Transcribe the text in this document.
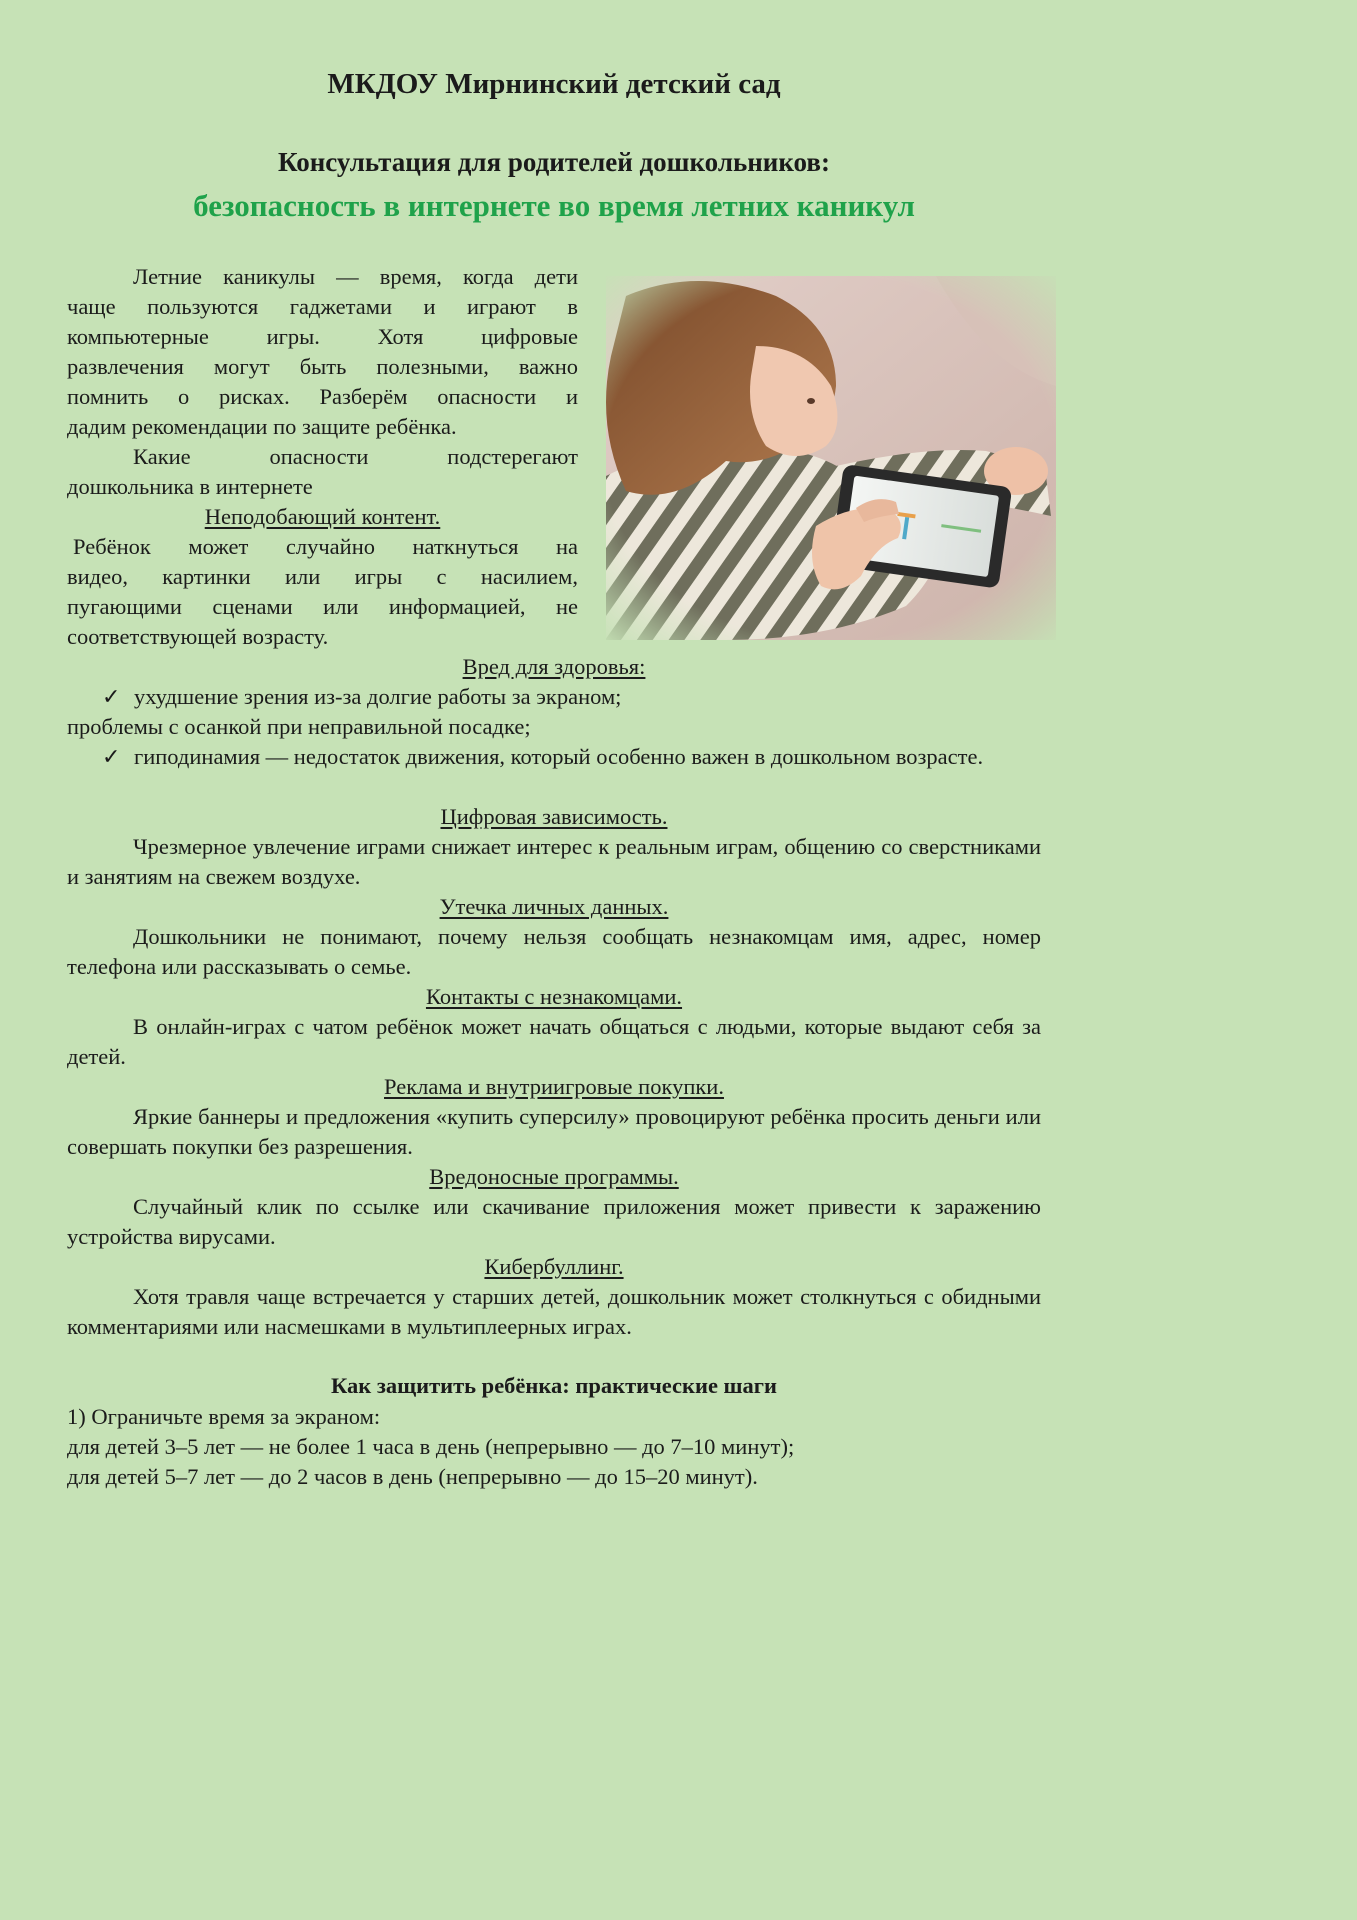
МКДОУ Мирнинский детский сад
Консультация для родителей дошкольников:
безопасность в интернете во время летних каникул
Летние каникулы — время, когда дети
чаще пользуются гаджетами и играют в
компьютерные игры. Хотя цифровые
развлечения могут быть полезными, важно
помнить о рисках. Разберём опасности и
дадим рекомендации по защите ребёнка.
Какие опасности подстерегают
дошкольника в интернете

Неподобающий контент.

Ребёнок может случайно наткнуться на
видео, картинки или игры с насилием,
пугающими сценами или информацией, не
соответствующей возрасту.

Вред для здоровья:

✓ ухудшение зрения из-за долгие работы за экраном;

проблемы с осанкой при неправильной посадке;

✓ гиподинамия — недостаток движения, который особенно важен в дошкольном возрасте.

Цифровая зависимость.

Чрезмерное увлечение играми снижает интерес к реальным играм, общению со сверстниками и занятиям на свежем воздухе.

Утечка личных данных.

Дошкольники не понимают, почему нельзя сообщать незнакомцам имя, адрес, номер телефона или рассказывать о семье.

Контакты с незнакомцами.

В онлайн-играх с чатом ребёнок может начать общаться с людьми, которые выдают себя за детей.

Реклама и внутриигровые покупки.

Яркие баннеры и предложения «купить суперсилу» провоцируют ребёнка просить деньги или совершать покупки без разрешения.

Вредоносные программы.

Случайный клик по ссылке или скачивание приложения может привести к заражению устройства вирусами.

Кибербуллинг.

Хотя травля чаще встречается у старших детей, дошкольник может столкнуться с обидными комментариями или насмешками в мультиплеерных играх.

Как защитить ребёнка: практические шаги

1) Ограничьте время за экраном:

для детей 3–5 лет — не более 1 часа в день (непрерывно — до 7–10 минут);

для детей 5–7 лет — до 2 часов в день (непрерывно — до 15–20 минут).
